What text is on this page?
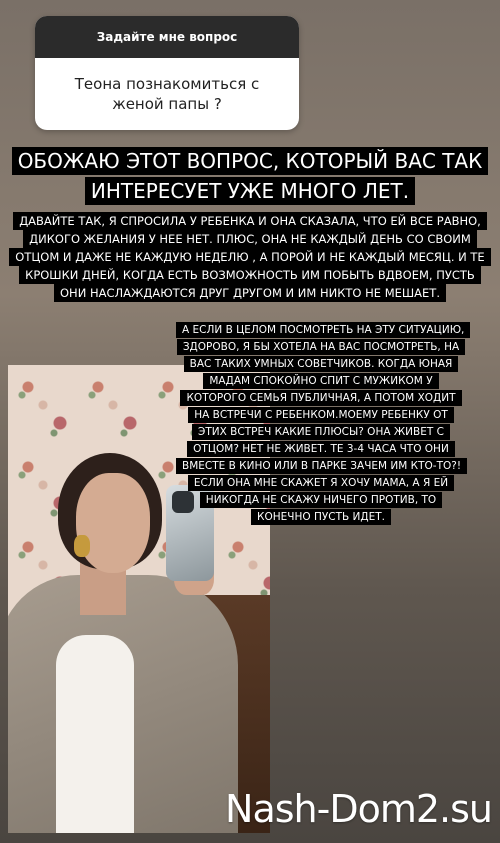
Задайте мне вопрос
Теона познакомиться с женой папы ?
ОБОЖАЮ ЭТОТ ВОПРОС, КОТОРЫЙ ВАС ТАК ИНТЕРЕСУЕТ УЖЕ МНОГО ЛЕТ.
ДАВАЙТЕ ТАК, Я СПРОСИЛА У РЕБЕНКА И ОНА СКАЗАЛА, ЧТО ЕЙ ВСЕ РАВНО, ДИКОГО ЖЕЛАНИЯ У НЕЕ НЕТ. ПЛЮС, ОНА НЕ КАЖДЫЙ ДЕНЬ СО СВОИМ ОТЦОМ И ДАЖЕ НЕ КАЖДУЮ НЕДЕЛЮ , А ПОРОЙ И НЕ КАЖДЫЙ МЕСЯЦ. И ТЕ КРОШКИ ДНЕЙ, КОГДА ЕСТЬ ВОЗМОЖНОСТЬ ИМ ПОБЫТЬ ВДВОЕМ, ПУСТЬ ОНИ НАСЛАЖДАЮТСЯ ДРУГ ДРУГОМ И ИМ НИКТО НЕ МЕШАЕТ.
А ЕСЛИ В ЦЕЛОМ ПОСМОТРЕТЬ НА ЭТУ СИТУАЦИЮ, ЗДОРОВО, Я БЫ ХОТЕЛА НА ВАС ПОСМОТРЕТЬ, НА ВАС ТАКИХ УМНЫХ СОВЕТЧИКОВ. КОГДА ЮНАЯ МАДАМ СПОКОЙНО СПИТ С МУЖИКОМ У КОТОРОГО СЕМЬЯ ПУБЛИЧНАЯ, А ПОТОМ ХОДИТ НА ВСТРЕЧИ С РЕБЕНКОМ.МОЕМУ РЕБЕНКУ ОТ ЭТИХ ВСТРЕЧ КАКИЕ ПЛЮСЫ? ОНА ЖИВЕТ С ОТЦОМ? НЕТ НЕ ЖИВЕТ. ТЕ 3-4 ЧАСА ЧТО ОНИ ВМЕСТЕ В КИНО ИЛИ В ПАРКЕ ЗАЧЕМ ИМ КТО-ТО?! ЕСЛИ ОНА МНЕ СКАЖЕТ Я ХОЧУ МАМА, А Я ЕЙ НИКОГДА НЕ СКАЖУ НИЧЕГО ПРОТИВ, ТО КОНЕЧНО ПУСТЬ ИДЕТ.
Nash-Dom2.su
